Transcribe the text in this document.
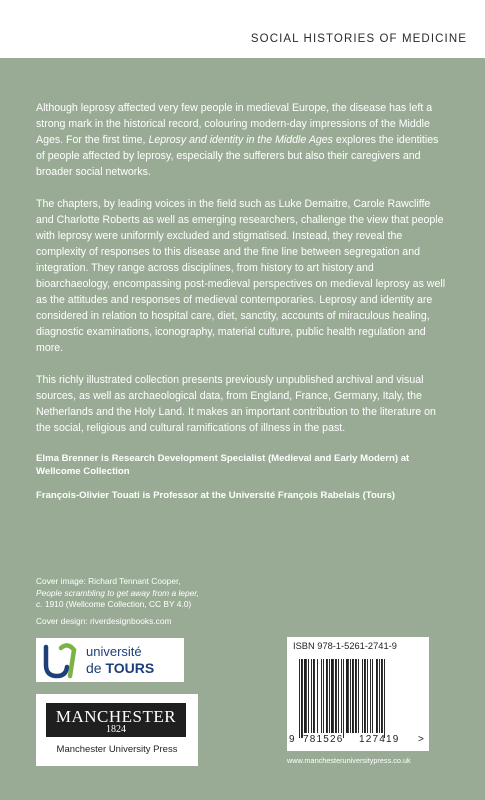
SOCIAL HISTORIES OF MEDICINE

Although leprosy affected very few people in medieval Europe, the disease has left a strong mark in the historical record, colouring modern-day impressions of the Middle Ages. For the first time, Leprosy and identity in the Middle Ages explores the identities of people affected by leprosy, especially the sufferers but also their caregivers and broader social networks.

The chapters, by leading voices in the field such as Luke Demaitre, Carole Rawcliffe and Charlotte Roberts as well as emerging researchers, challenge the view that people with leprosy were uniformly excluded and stigmatised. Instead, they reveal the complexity of responses to this disease and the fine line between segregation and integration. They range across disciplines, from history to art history and bioarchaeology, encompassing post-medieval perspectives on medieval leprosy as well as the attitudes and responses of medieval contemporaries. Leprosy and identity are considered in relation to hospital care, diet, sanctity, accounts of miraculous healing, diagnostic examinations, iconography, material culture, public health regulation and more.

This richly illustrated collection presents previously unpublished archival and visual sources, as well as archaeological data, from England, France, Germany, Italy, the Netherlands and the Holy Land. It makes an important contribution to the literature on the social, religious and cultural ramifications of illness in the past.

Elma Brenner is Research Development Specialist (Medieval and Early Modern) at Wellcome Collection

François-Olivier Touati is Professor at the Université François Rabelais (Tours)

Cover image: Richard Tennant Cooper,
People scrambling to get away from a leper,
c. 1910 (Wellcome Collection, CC BY 4.0)
Cover design: riverdesignbooks.com
université
de TOURS
MANCHESTER
1824
Manchester University Press
ISBN 978-1-5261-2741-9
9 781526 127419 >
www.manchesteruniversitypress.co.uk
